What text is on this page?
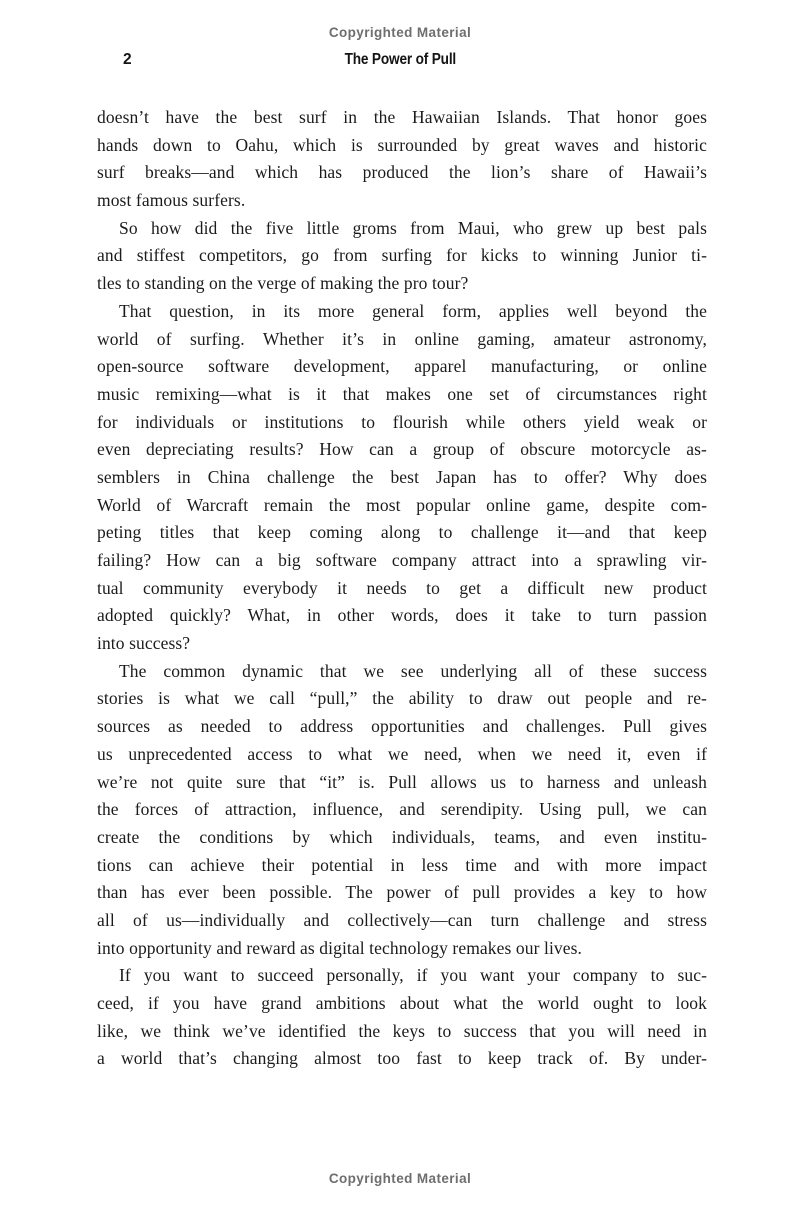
Copyrighted Material
2	The Power of Pull
doesn’t have the best surf in the Hawaiian Islands. That honor goes
hands down to Oahu, which is surrounded by great waves and historic
surf breaks—and which has produced the lion’s share of Hawaii’s
most famous surfers.
So how did the five little groms from Maui, who grew up best pals
and stiffest competitors, go from surfing for kicks to winning Junior ti-
tles to standing on the verge of making the pro tour?
That question, in its more general form, applies well beyond the
world of surfing. Whether it’s in online gaming, amateur astronomy,
open-source software development, apparel manufacturing, or online
music remixing—what is it that makes one set of circumstances right
for individuals or institutions to flourish while others yield weak or
even depreciating results? How can a group of obscure motorcycle as-
semblers in China challenge the best Japan has to offer? Why does
World of Warcraft remain the most popular online game, despite com-
peting titles that keep coming along to challenge it—and that keep
failing? How can a big software company attract into a sprawling vir-
tual community everybody it needs to get a difficult new product
adopted quickly? What, in other words, does it take to turn passion
into success?
The common dynamic that we see underlying all of these success
stories is what we call “pull,” the ability to draw out people and re-
sources as needed to address opportunities and challenges. Pull gives
us unprecedented access to what we need, when we need it, even if
we’re not quite sure that “it” is. Pull allows us to harness and unleash
the forces of attraction, influence, and serendipity. Using pull, we can
create the conditions by which individuals, teams, and even institu-
tions can achieve their potential in less time and with more impact
than has ever been possible. The power of pull provides a key to how
all of us—individually and collectively—can turn challenge and stress
into opportunity and reward as digital technology remakes our lives.
If you want to succeed personally, if you want your company to suc-
ceed, if you have grand ambitions about what the world ought to look
like, we think we’ve identified the keys to success that you will need in
a world that’s changing almost too fast to keep track of. By under-
Copyrighted Material
